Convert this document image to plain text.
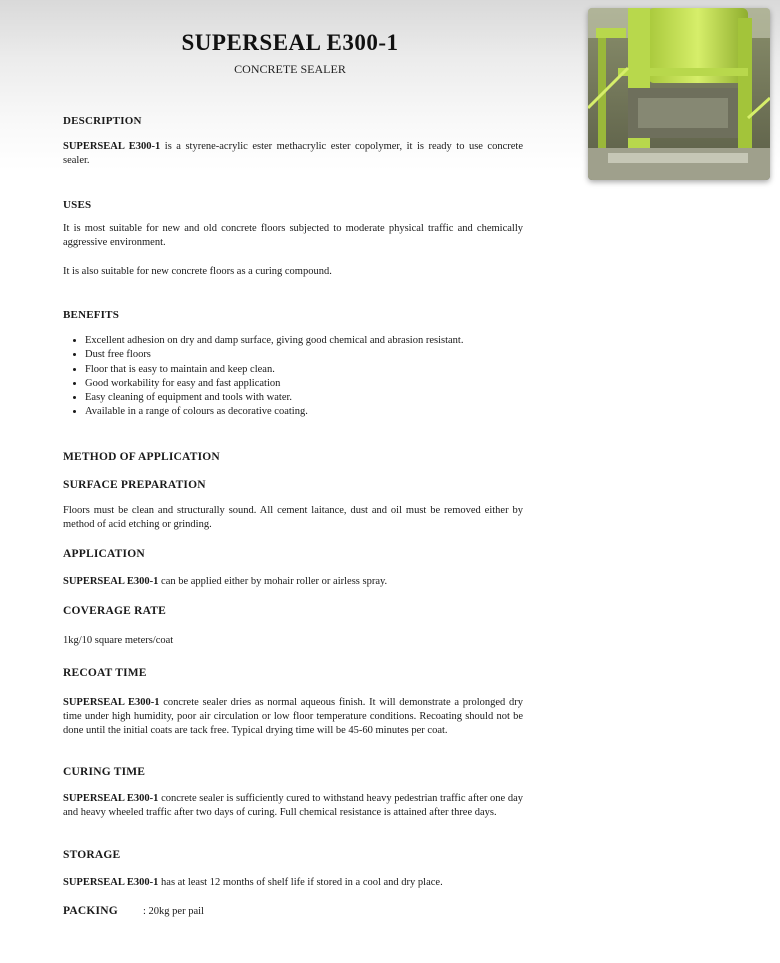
SUPERSEAL E300-1
CONCRETE SEALER
DESCRIPTION

SUPERSEAL E300-1 is a styrene-acrylic ester methacrylic ester copolymer, it is ready to use concrete sealer.

USES

It is most suitable for new and old concrete floors subjected to moderate physical traffic and chemically aggressive environment.

It is also suitable for new concrete floors as a curing compound.

BENEFITS
• Excellent adhesion on dry and damp surface, giving good chemical and abrasion resistant.
• Dust free floors
• Floor that is easy to maintain and keep clean.
• Good workability for easy and fast application
• Easy cleaning of equipment and tools with water.
• Available in a range of colours as decorative coating.
METHOD OF APPLICATION
SURFACE PREPARATION

Floors must be clean and structurally sound. All cement laitance, dust and oil must be removed either by method of acid etching or grinding.

APPLICATION

SUPERSEAL E300-1 can be applied either by mohair roller or airless spray.

COVERAGE RATE

1kg/10 square meters/coat

RECOAT TIME

SUPERSEAL E300-1 concrete sealer dries as normal aqueous finish. It will demonstrate a prolonged dry time under high humidity, poor air circulation or low floor temperature conditions. Recoating should not be done until the initial coats are tack free. Typical drying time will be 45-60 minutes per coat.

CURING TIME

SUPERSEAL E300-1 concrete sealer is sufficiently cured to withstand heavy pedestrian traffic after one day and heavy wheeled traffic after two days of curing. Full chemical resistance is attained after three days.

STORAGE

SUPERSEAL E300-1 has at least 12 months of shelf life if stored in a cool and dry place.

PACKING : 20kg per pail
